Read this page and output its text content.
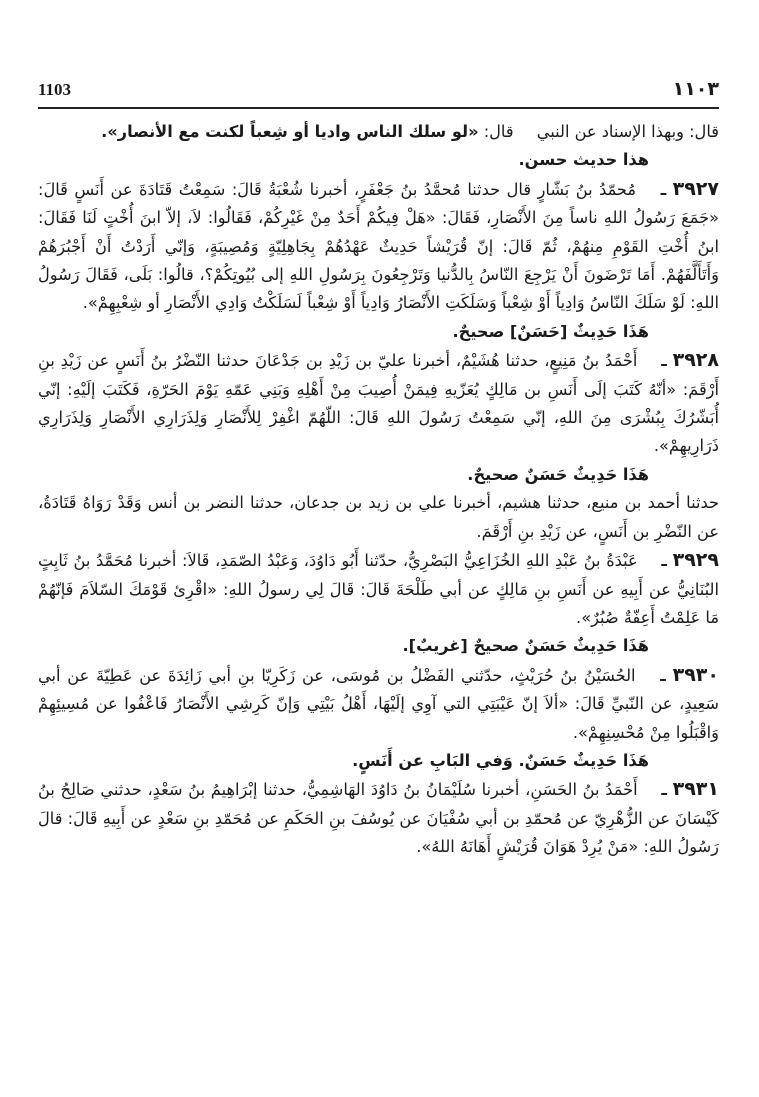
1103	١١٠٣

قال: وبهذا الإسناد عن النبي قال: «لو سلك الناس واديا أو شِعباً لكنت مع الأنصار».

هذا حديث حسن.

٣٩٢٧ ـ مُحمّدُ بنُ بَشّارٍ قال حدثنا مُحمَّدُ بنُ جَعْفَرٍ، أخبرنا شُعْبَةُ قَالَ: سَمِعْتُ قَتَادَةَ عن أَنَسٍ قَالَ: «جَمَعَ رَسُولُ اللهِ ناساً مِنَ الأَنْصَارِ، فَقَالَ: «هَلْ فِيكُمْ أَحَدٌ مِنْ غَيْرِكُمْ، فَقَالُوا: لاَ، إلاّ ابنَ أُخْتٍ لَنَا فَقَالَ: ابنُ أُخْتِ القَوْمِ مِنهُمْ، ثُمّ قَالَ: إنّ قُرَيْشاً حَدِيثٌ عَهْدُهُمْ بِجَاهِلِيّةٍ وَمُصِيبَةٍ، وَإنّي أَرَدْتُ أَنْ أَجْبُرَهُمْ وَأَتَأَلَّفَهُمْ. أَمَا تَرْضَونَ أَنْ يَرْجِعَ النّاسُ بِالدُّنيا وَتَرْجِعُونَ بِرَسُولِ اللهِ إلى بُيُوتِكُمْ؟، قالُوا: بَلَى، فَقَالَ رَسُولُ اللهِ: لَوْ سَلَكَ النّاسُ وَادِياً أَوْ شِعْباً وَسَلَكَتِ الأَنْصَارُ وَادِياً أَوْ شِعْباً لَسَلَكْتُ وَادِي الأَنْصَارِ أو شِعْبِهِمْ».

هَذَا حَدِيثٌ [حَسَنٌ] صحيحٌ.

٣٩٢٨ ـ أَحْمَدُ بنُ مَنِيعٍ، حدثنا هُشَيْمٌ، أخبرنا عليّ بن زَيْدِ بن جَدْعَانَ حدثنا النّضْرُ بنُ أَنَسٍ عن زَيْدِ بنِ أَرْقَمَ: «أنّهُ كَتَبَ إلَى أَنَسِ بن مَالِكٍ يُعَزّيهِ فِيمَنْ أُصِيبَ مِنْ أَهْلِهِ وَبَنِي عَمّهِ يَوْمَ الحَرّةِ، فَكَتَبَ إلَيْهِ: إنّي أُبَشّرُكَ بِبُشْرَى مِنَ اللهِ، إنّي سَمِعْتُ رَسُولَ اللهِ قَالَ: اللّهُمّ اغْفِرْ لِلأَنْصَارِ وَلِذَرَارِي الأَنْصَارِ وَلِذَرَارِي ذَرَارِيهِمْ».

هَذَا حَدِيثٌ حَسَنٌ صحيحٌ.

حدثنا أحمد بن منيع، حدثنا هشيم، أخبرنا علي بن زيد بن جدعان، حدثنا النضر بن أنس وَقَدْ رَوَاهُ قَتَادَةُ، عن النّضْرِ بن أَنَسٍ، عن زَيْدِ بنِ أَرْقَمَ.

٣٩٢٩ ـ عَبْدَةُ بنُ عَبْدِ اللهِ الخُزَاعِيُّ البَصْرِيُّ، حدّثنا أَبُو دَاوُدَ، وَعَبْدُ الصّمَدِ، قَالاَ: أخبرنا مُحَمَّدُ بنُ ثَابِتٍ البُنَانِيُّ عن أَبِيهِ عن أَنَسِ بنِ مَالِكٍ عن أبي طَلْحَةَ قَالَ: قَالَ لِي رسولُ اللهِ: «اقْرِئ قَوْمَكَ السّلاَمَ فَإنّهُمْ مَا عَلِمْتُ أَعِفّةٌ صُبُرٌ».

هَذَا حَدِيثٌ حَسَنٌ صحيحٌ [غريبٌ].

٣٩٣٠ ـ الحُسَيْنُ بنُ حُرَيْثٍ، حدّثني الفَضْلُ بن مُوسَى، عن زَكَرِيّا بنِ أبي زَائِدَةَ عن عَطِيّةَ عن أبي سَعِيدٍ، عن النّبيِّ قَالَ: «ألاَ إنّ عَيْبَتِي التي آوِي إلَيْهَا، أَهْلُ بَيْتِي وَإنّ كَرِشِي الأَنْصَارُ فَاعْفُوا عن مُسِيئِهِمْ وَاقْبَلُوا مِنْ مُحْسِنِهِمْ».

هَذَا حَدِيثٌ حَسَنٌ. وَفي البَابِ عن أَنَسٍ.

٣٩٣١ ـ أَحْمَدُ بنُ الحَسَنِ، أخبرنا سُلَيْمَانُ بنُ دَاوُدَ الهَاشِمِيُّ، حدثنا إبْرَاهِيمُ بنُ سَعْدٍ، حدثني صَالِحُ بنُ كَيْسَانَ عن الزُّهْرِيّ عن مُحمّدِ بن أبي سُفْيَانَ عن يُوسُفَ بنِ الحَكَمِ عن مُحَمّدِ بنِ سَعْدٍ عن أَبِيهِ قَالَ: قالَ رَسُولُ اللهِ: «مَنْ يُرِدْ هَوَانَ قُرَيْشٍ أَهَانَهُ اللهُ».
